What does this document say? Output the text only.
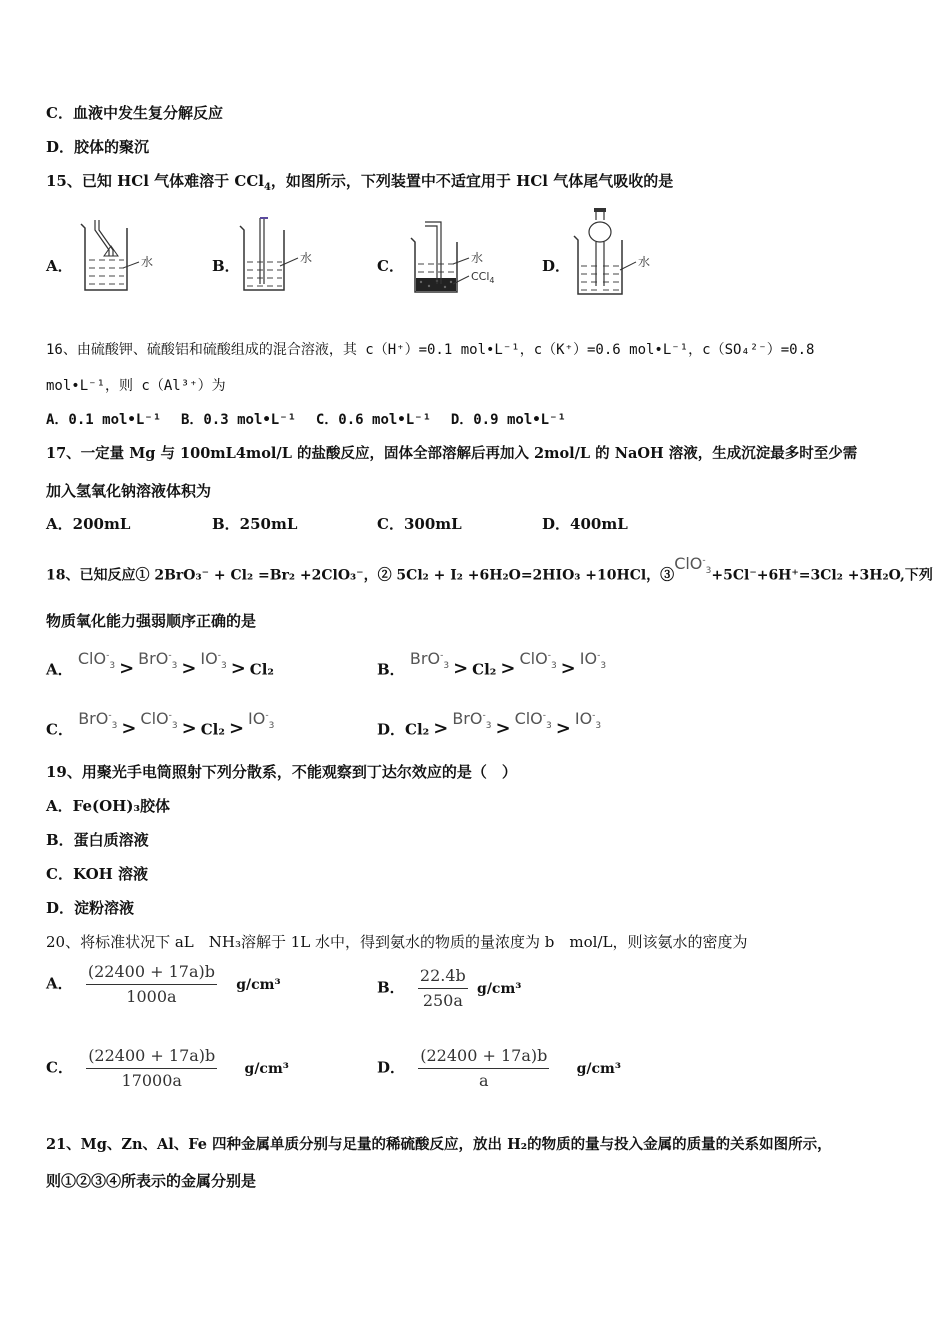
C．血液中发生复分解反应
D．胶体的聚沉
15、已知 HCl 气体难溶于 CCl$_4$，如图所示，下列装置中不适宜用于 HCl 气体尾气吸收的是
A．	水	B．	水	C．	水
CCl$_4$
D．	水
16、由硫酸钾、硫酸铝和硫酸组成的混合溶液，其 c（H⁺）=0.1 mol•L⁻¹，c（K⁺）=0.6 mol•L⁻¹，c（SO₄²⁻）=0.8
mol•L⁻¹，则 c（Al³⁺）为
A．0.1 mol•L⁻¹　 B．0.3 mol•L⁻¹　 C．0.6 mol•L⁻¹　 D．0.9 mol•L⁻¹
17、一定量 Mg 与 100mL4mol/L 的盐酸反应，固体全部溶解后再加入 2mol/L 的 NaOH 溶液，生成沉淀最多时至少需
加入氢氧化钠溶液体积为
A．200mL	B．250mL	C．300mL	D．400mL
18、已知反应① 2BrO₃⁻ + Cl₂ =Br₂ +2ClO₃⁻，② 5Cl₂ + I₂ +6H₂O=2HIO₃ +10HCl，③ClO-$_3$+5Cl⁻+6H⁺=3Cl₂ +3H₂O,下列
物质氧化能力强弱顺序正确的是
A． $ClO^-_3 > BrO^-_3 > IO^-_3 > Cl_2$	B． $BrO^-_3 > Cl_2 > ClO^-_3 > IO^-_3$
C． $BrO^-_3 > ClO^-_3 > Cl_2 > IO^-_3$	D．$Cl_2 > BrO^-_3 > ClO^-_3 > IO^-_3$
19、用聚光手电筒照射下列分散系，不能观察到丁达尔效应的是（　）
A．Fe(OH)₃胶体
B．蛋白质溶液
C．KOH 溶液
D．淀粉溶液
20、将标准状况下 aL　NH₃溶解于 1L 水中，得到氨水的物质的量浓度为 b　mol/L，则该氨水的密度为
A． $\frac{(22400 + 17a)b}{1000a} g/cm^3$	B． $\frac{22.4b}{250a} g/cm^3$
C． $\frac{(22400 + 17a)b}{17000a} g/cm^3$	D． $\frac{(22400 + 17a)b}{a} g/cm^3$
21、Mg、Zn、Al、Fe 四种金属单质分别与足量的稀硫酸反应，放出 H₂的物质的量与投入金属的质量的关系如图所示，
则①②③④所表示的金属分别是
